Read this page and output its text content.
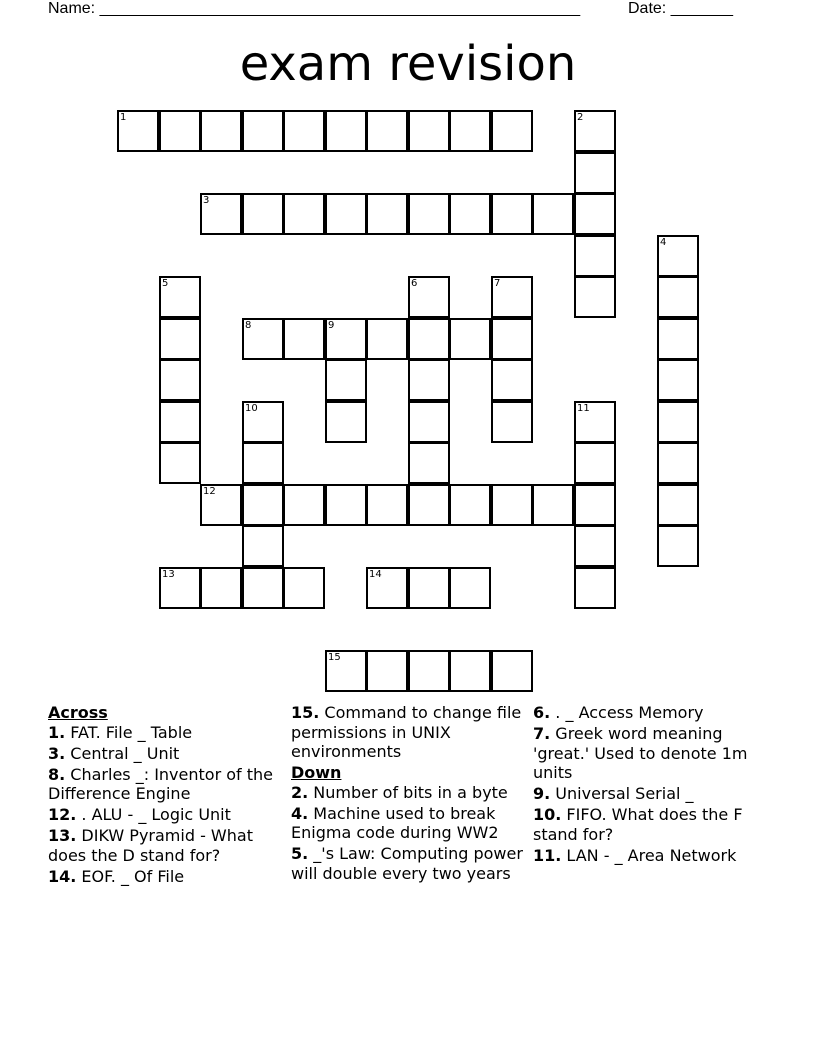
Name: ______________________________________________________	Date: _______
exam revision
1	2
3
4
5	6	7
8	9
10	11
12
13	14
15
Across
1. FAT. File _ Table
3. Central _ Unit
8. Charles _: Inventor of the Difference Engine
12. . ALU - _ Logic Unit
13. DIKW Pyramid - What does the D stand for?
14. EOF. _ Of File
15. Command to change file permissions in UNIX environments
Down
2. Number of bits in a byte
4. Machine used to break Enigma code during WW2
5. _'s Law: Computing power will double every two years
6. . _ Access Memory
7. Greek word meaning 'great.' Used to denote 1m units
9. Universal Serial _
10. FIFO. What does the F stand for?
11. LAN - _ Area Network
